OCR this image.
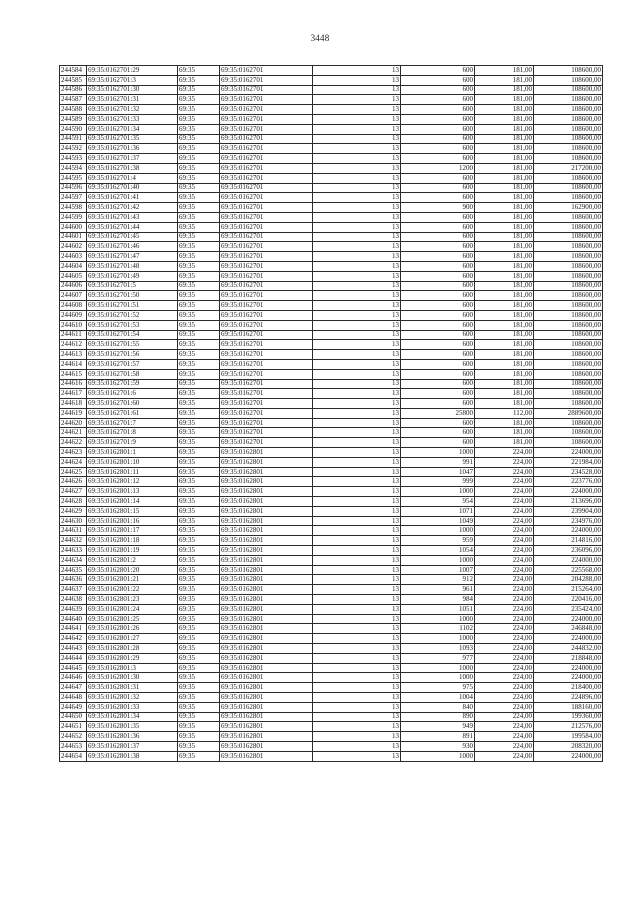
3448
244584	69:35:0162701:29	69:35	69:35:0162701	13	600	181,00	108600,00
244585	69:35:0162701:3	69:35	69:35:0162701	13	600	181,00	108600,00
244586	69:35:0162701:30	69:35	69:35:0162701	13	600	181,00	108600,00
244587	69:35:0162701:31	69:35	69:35:0162701	13	600	181,00	108600,00
244588	69:35:0162701:32	69:35	69:35:0162701	13	600	181,00	108600,00
244589	69:35:0162701:33	69:35	69:35:0162701	13	600	181,00	108600,00
244590	69:35:0162701:34	69:35	69:35:0162701	13	600	181,00	108600,00
244591	69:35:0162701:35	69:35	69:35:0162701	13	600	181,00	108600,00
244592	69:35:0162701:36	69:35	69:35:0162701	13	600	181,00	108600,00
244593	69:35:0162701:37	69:35	69:35:0162701	13	600	181,00	108600,00
244594	69:35:0162701:38	69:35	69:35:0162701	13	1200	181,00	217200,00
244595	69:35:0162701:4	69:35	69:35:0162701	13	600	181,00	108600,00
244596	69:35:0162701:40	69:35	69:35:0162701	13	600	181,00	108600,00
244597	69:35:0162701:41	69:35	69:35:0162701	13	600	181,00	108600,00
244598	69:35:0162701:42	69:35	69:35:0162701	13	900	181,00	162900,00
244599	69:35:0162701:43	69:35	69:35:0162701	13	600	181,00	108600,00
244600	69:35:0162701:44	69:35	69:35:0162701	13	600	181,00	108600,00
244601	69:35:0162701:45	69:35	69:35:0162701	13	600	181,00	108600,00
244602	69:35:0162701:46	69:35	69:35:0162701	13	600	181,00	108600,00
244603	69:35:0162701:47	69:35	69:35:0162701	13	600	181,00	108600,00
244604	69:35:0162701:48	69:35	69:35:0162701	13	600	181,00	108600,00
244605	69:35:0162701:49	69:35	69:35:0162701	13	600	181,00	108600,00
244606	69:35:0162701:5	69:35	69:35:0162701	13	600	181,00	108600,00
244607	69:35:0162701:50	69:35	69:35:0162701	13	600	181,00	108600,00
244608	69:35:0162701:51	69:35	69:35:0162701	13	600	181,00	108600,00
244609	69:35:0162701:52	69:35	69:35:0162701	13	600	181,00	108600,00
244610	69:35:0162701:53	69:35	69:35:0162701	13	600	181,00	108600,00
244611	69:35:0162701:54	69:35	69:35:0162701	13	600	181,00	108600,00
244612	69:35:0162701:55	69:35	69:35:0162701	13	600	181,00	108600,00
244613	69:35:0162701:56	69:35	69:35:0162701	13	600	181,00	108600,00
244614	69:35:0162701:57	69:35	69:35:0162701	13	600	181,00	108600,00
244615	69:35:0162701:58	69:35	69:35:0162701	13	600	181,00	108600,00
244616	69:35:0162701:59	69:35	69:35:0162701	13	600	181,00	108600,00
244617	69:35:0162701:6	69:35	69:35:0162701	13	600	181,00	108600,00
244618	69:35:0162701:60	69:35	69:35:0162701	13	600	181,00	108600,00
244619	69:35:0162701:61	69:35	69:35:0162701	13	25800	112,00	2889600,00
244620	69:35:0162701:7	69:35	69:35:0162701	13	600	181,00	108600,00
244621	69:35:0162701:8	69:35	69:35:0162701	13	600	181,00	108600,00
244622	69:35:0162701:9	69:35	69:35:0162701	13	600	181,00	108600,00
244623	69:35:0162801:1	69:35	69:35:0162801	13	1000	224,00	224000,00
244624	69:35:0162801:10	69:35	69:35:0162801	13	991	224,00	221984,00
244625	69:35:0162801:11	69:35	69:35:0162801	13	1047	224,00	234528,00
244626	69:35:0162801:12	69:35	69:35:0162801	13	999	224,00	223776,00
244627	69:35:0162801:13	69:35	69:35:0162801	13	1000	224,00	224000,00
244628	69:35:0162801:14	69:35	69:35:0162801	13	954	224,00	213696,00
244629	69:35:0162801:15	69:35	69:35:0162801	13	1071	224,00	239904,00
244630	69:35:0162801:16	69:35	69:35:0162801	13	1049	224,00	234976,00
244631	69:35:0162801:17	69:35	69:35:0162801	13	1000	224,00	224000,00
244632	69:35:0162801:18	69:35	69:35:0162801	13	959	224,00	214816,00
244633	69:35:0162801:19	69:35	69:35:0162801	13	1054	224,00	236096,00
244634	69:35:0162801:2	69:35	69:35:0162801	13	1000	224,00	224000,00
244635	69:35:0162801:20	69:35	69:35:0162801	13	1007	224,00	225568,00
244636	69:35:0162801:21	69:35	69:35:0162801	13	912	224,00	204288,00
244637	69:35:0162801:22	69:35	69:35:0162801	13	961	224,00	215264,00
244638	69:35:0162801:23	69:35	69:35:0162801	13	984	224,00	220416,00
244639	69:35:0162801:24	69:35	69:35:0162801	13	1051	224,00	235424,00
244640	69:35:0162801:25	69:35	69:35:0162801	13	1000	224,00	224000,00
244641	69:35:0162801:26	69:35	69:35:0162801	13	1102	224,00	246848,00
244642	69:35:0162801:27	69:35	69:35:0162801	13	1000	224,00	224000,00
244643	69:35:0162801:28	69:35	69:35:0162801	13	1093	224,00	244832,00
244644	69:35:0162801:29	69:35	69:35:0162801	13	977	224,00	218848,00
244645	69:35:0162801:3	69:35	69:35:0162801	13	1000	224,00	224000,00
244646	69:35:0162801:30	69:35	69:35:0162801	13	1000	224,00	224000,00
244647	69:35:0162801:31	69:35	69:35:0162801	13	975	224,00	218400,00
244648	69:35:0162801:32	69:35	69:35:0162801	13	1004	224,00	224896,00
244649	69:35:0162801:33	69:35	69:35:0162801	13	840	224,00	188160,00
244650	69:35:0162801:34	69:35	69:35:0162801	13	890	224,00	199360,00
244651	69:35:0162801:35	69:35	69:35:0162801	13	949	224,00	212576,00
244652	69:35:0162801:36	69:35	69:35:0162801	13	891	224,00	199584,00
244653	69:35:0162801:37	69:35	69:35:0162801	13	930	224,00	208320,00
244654	69:35:0162801:38	69:35	69:35:0162801	13	1000	224,00	224000,00
